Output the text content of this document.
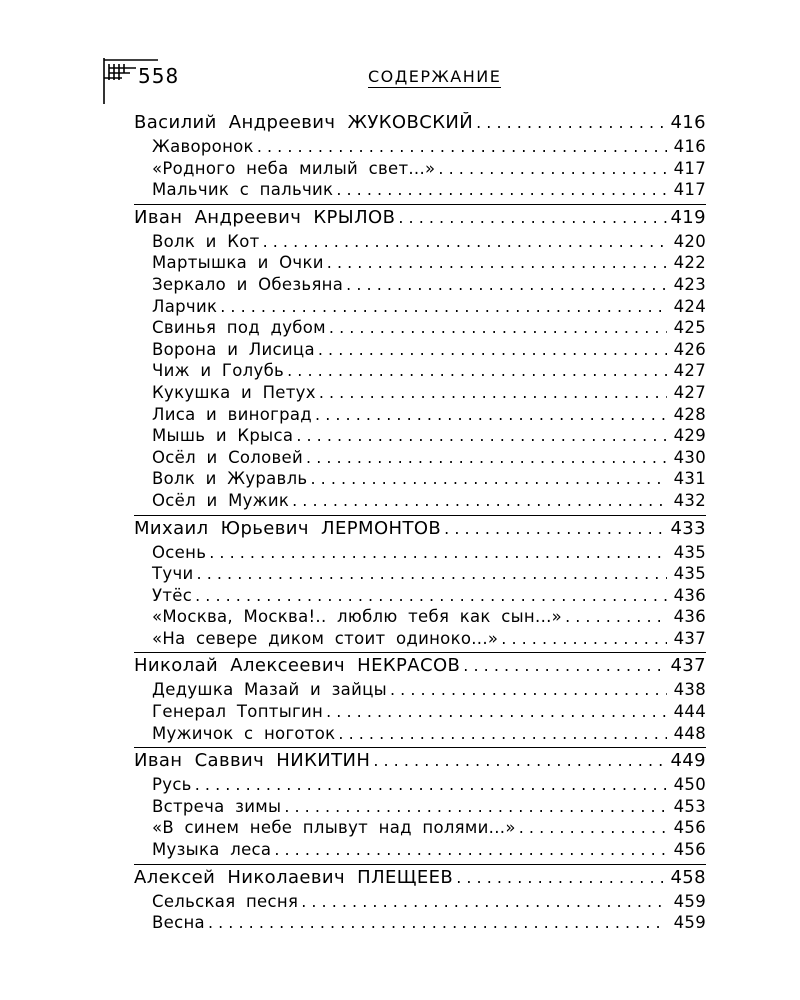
558	СОДЕРЖАНИЕ
Василий Андреевич ЖУКОВСКИЙ . . .	416
Жаворонок . . .	416
«Родного неба милый свет...» . . .	417
Мальчик с пальчик . . .	417
Иван Андреевич КРЫЛОВ . . .	419
Волк и Кот . . .	420
Мартышка и Очки . . .	422
Зеркало и Обезьяна . . .	423
Ларчик . . .	424
Свинья под дубом . . .	425
Ворона и Лисица . . .	426
Чиж и Голубь . . .	427
Кукушка и Петух . . .	427
Лиса и виноград . . .	428
Мышь и Крыса . . .	429
Осёл и Соловей . . .	430
Волк и Журавль . . .	431
Осёл и Мужик . . .	432
Михаил Юрьевич ЛЕРМОНТОВ . . .	433
Осень . . .	435
Тучи . . .	435
Утёс . . .	436
«Москва, Москва!.. люблю тебя как сын...» . . .	436
«На севере диком стоит одиноко...» . . .	437
Николай Алексеевич НЕКРАСОВ . . .	437
Дедушка Мазай и зайцы . . .	438
Генерал Топтыгин . . .	444
Мужичок с ноготок . . .	448
Иван Саввич НИКИТИН . . .	449
Русь . . .	450
Встреча зимы . . .	453
«В синем небе плывут над полями...» . . .	456
Музыка леса . . .	456
Алексей Николаевич ПЛЕЩЕЕВ . . .	458
Сельская песня . . .	459
Весна . . .	459
